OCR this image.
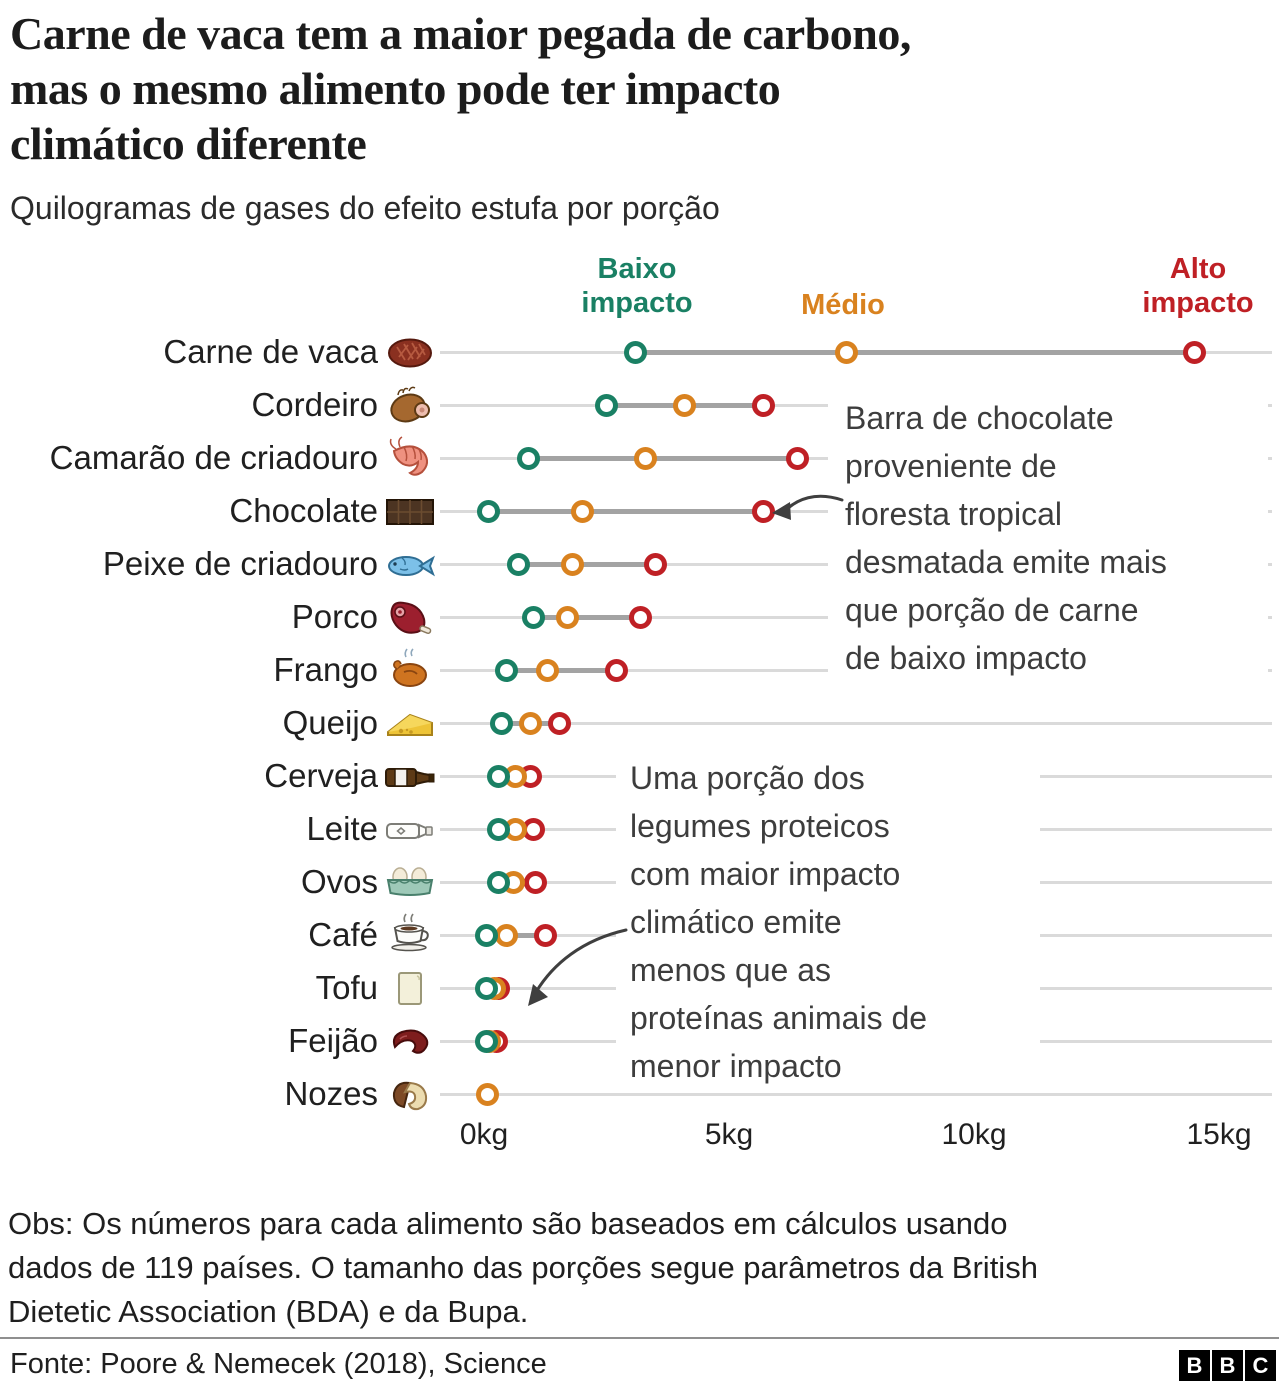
Carne de vaca tem a maior pegada de carbono,
mas o mesmo alimento pode ter impacto
climático diferente
Quilogramas de gases do efeito estufa por porção
Baixo
impacto	Médio
Alto
impacto
Carne de vaca
Cordeiro
Camarão de criadouro
Chocolate
Peixe de criadouro
Porco
Frango
Queijo
Cerveja
Leite
Ovos
Café
Tofu
Feijão
Nozes
0kg	5kg	10kg	15kg
Barra de chocolate
proveniente de
floresta tropical
desmatada emite mais
que porção de carne
de baixo impacto
Uma porção dos
legumes proteicos
com maior impacto
climático emite
menos que as
proteínas animais de
menor impacto
Obs: Os números para cada alimento são baseados em cálculos usando
dados de 119 países. O tamanho das porções segue parâmetros da British
Dietetic Association (BDA) e da Bupa.
Fonte: Poore & Nemecek (2018), Science	B B C
